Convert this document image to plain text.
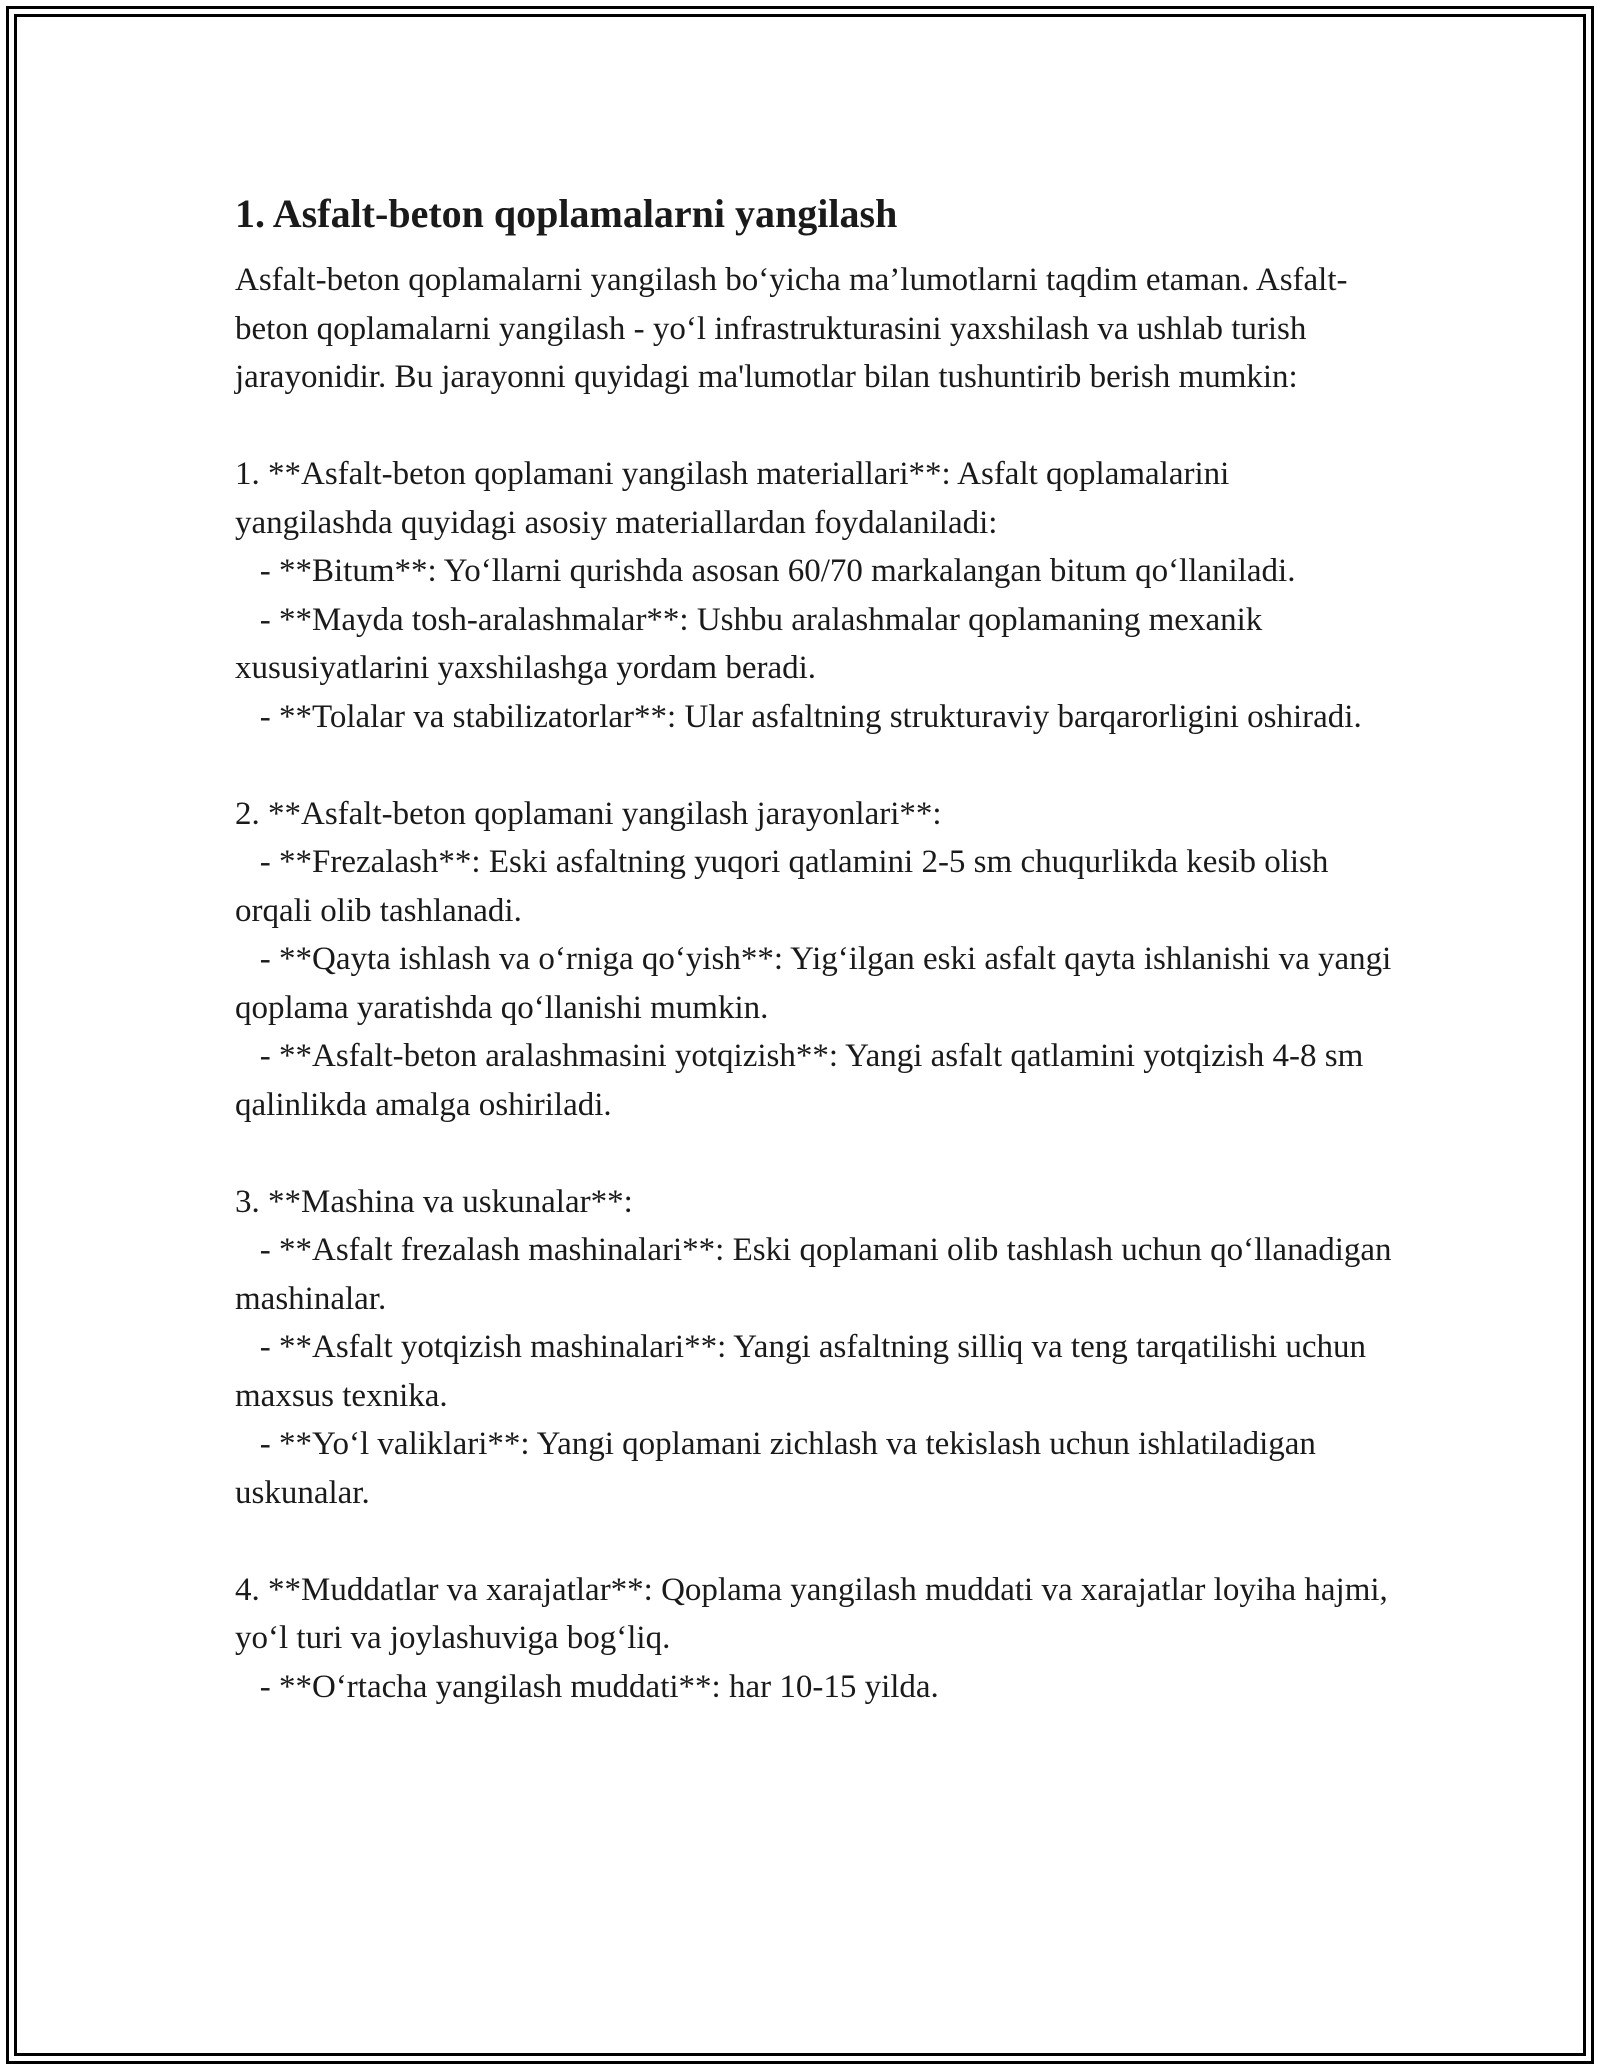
1. Asfalt-beton qoplamalarni yangilash

Asfalt-beton qoplamalarni yangilash bo‘yicha ma’lumotlarni taqdim etaman. Asfalt-beton qoplamalarni yangilash - yo‘l infrastrukturasini yaxshilash va ushlab turish jarayonidir. Bu jarayonni quyidagi ma'lumotlar bilan tushuntirib berish mumkin:

1. **Asfalt-beton qoplamani yangilash materiallari**: Asfalt qoplamalarini yangilashda quyidagi asosiy materiallardan foydalaniladi:

- **Bitum**: Yo‘llarni qurishda asosan 60/70 markalangan bitum qo‘llaniladi.

- **Mayda tosh-aralashmalar**: Ushbu aralashmalar qoplamaning mexanik xususiyatlarini yaxshilashga yordam beradi.

- **Tolalar va stabilizatorlar**: Ular asfaltning strukturaviy barqarorligini oshiradi.

2. **Asfalt-beton qoplamani yangilash jarayonlari**:

- **Frezalash**: Eski asfaltning yuqori qatlamini 2-5 sm chuqurlikda kesib olish orqali olib tashlanadi.

- **Qayta ishlash va o‘rniga qo‘yish**: Yig‘ilgan eski asfalt qayta ishlanishi va yangi qoplama yaratishda qo‘llanishi mumkin.

- **Asfalt-beton aralashmasini yotqizish**: Yangi asfalt qatlamini yotqizish 4-8 sm qalinlikda amalga oshiriladi.

3. **Mashina va uskunalar**:

- **Asfalt frezalash mashinalari**: Eski qoplamani olib tashlash uchun qo‘llanadigan mashinalar.

- **Asfalt yotqizish mashinalari**: Yangi asfaltning silliq va teng tarqatilishi uchun maxsus texnika.

- **Yo‘l valiklari**: Yangi qoplamani zichlash va tekislash uchun ishlatiladigan uskunalar.

4. **Muddatlar va xarajatlar**: Qoplama yangilash muddati va xarajatlar loyiha hajmi, yo‘l turi va joylashuviga bog‘liq.

- **O‘rtacha yangilash muddati**: har 10-15 yilda.
